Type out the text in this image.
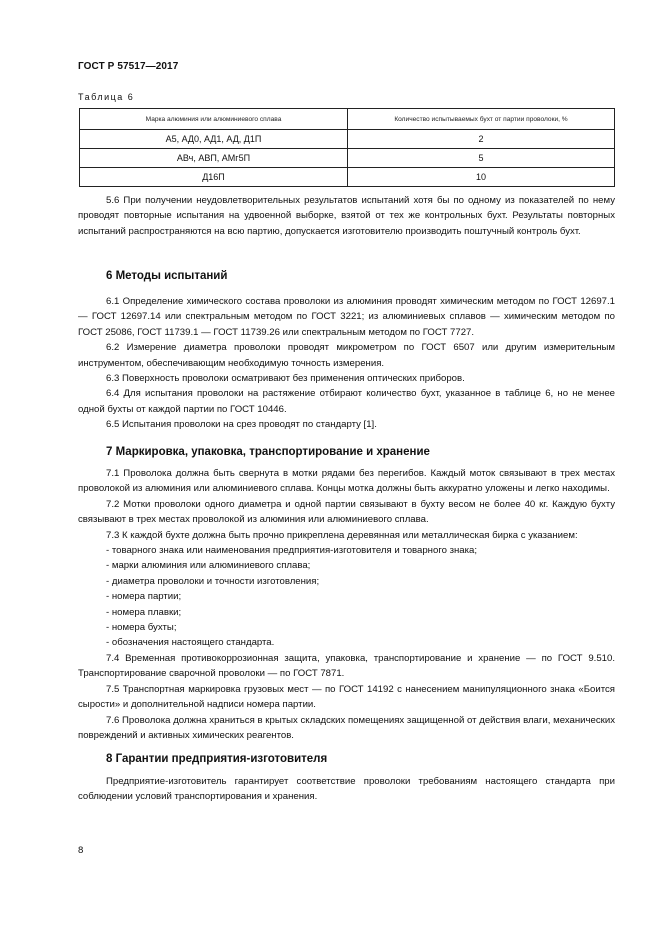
ГОСТ Р 57517—2017
Таблица 6
Марка алюминия или алюминиевого сплава	Количество испытываемых бухт от партии проволоки, %
А5, АД0, АД1, АД, Д1П	2
АВч, АВП, АМг5П	5
Д16П	10

5.6 При получении неудовлетворительных результатов испытаний хотя бы по одному из показателей по нему проводят повторные испытания на удвоенной выборке, взятой от тех же контрольных бухт. Результаты повторных испытаний распространяются на всю партию, допускается изготовителю производить поштучный контроль бухт.

6 Методы испытаний

6.1 Определение химического состава проволоки из алюминия проводят химическим методом по ГОСТ 12697.1 — ГОСТ 12697.14 или спектральным методом по ГОСТ 3221; из алюминиевых сплавов — химическим методом по ГОСТ 25086, ГОСТ 11739.1 — ГОСТ 11739.26 или спектральным методом по ГОСТ 7727.

6.2 Измерение диаметра проволоки проводят микрометром по ГОСТ 6507 или другим измерительным инструментом, обеспечивающим необходимую точность измерения.

6.3 Поверхность проволоки осматривают без применения оптических приборов.

6.4 Для испытания проволоки на растяжение отбирают количество бухт, указанное в таблице 6, но не менее одной бухты от каждой партии по ГОСТ 10446.

6.5 Испытания проволоки на срез проводят по стандарту [1].

7 Маркировка, упаковка, транспортирование и хранение

7.1 Проволока должна быть свернута в мотки рядами без перегибов. Каждый моток связывают в трех местах проволокой из алюминия или алюминиевого сплава. Концы мотка должны быть аккуратно уложены и легко находимы.

7.2 Мотки проволоки одного диаметра и одной партии связывают в бухту весом не более 40 кг. Каждую бухту связывают в трех местах проволокой из алюминия или алюминиевого сплава.

7.3 К каждой бухте должна быть прочно прикреплена деревянная или металлическая бирка с указанием:

- товарного знака или наименования предприятия-изготовителя и товарного знака;
- марки алюминия или алюминиевого сплава;
- диаметра проволоки и точности изготовления;
- номера партии;
- номера плавки;
- номера бухты;
- обозначения настоящего стандарта.

7.4 Временная противокоррозионная защита, упаковка, транспортирование и хранение — по ГОСТ 9.510. Транспортирование сварочной проволоки — по ГОСТ 7871.

7.5 Транспортная маркировка грузовых мест — по ГОСТ 14192 с нанесением манипуляционного знака «Боится сырости» и дополнительной надписи номера партии.

7.6 Проволока должна храниться в крытых складских помещениях защищенной от действия влаги, механических повреждений и активных химических реагентов.

8 Гарантии предприятия-изготовителя

Предприятие-изготовитель гарантирует соответствие проволоки требованиям настоящего стандарта при соблюдении условий транспортирования и хранения.

8
